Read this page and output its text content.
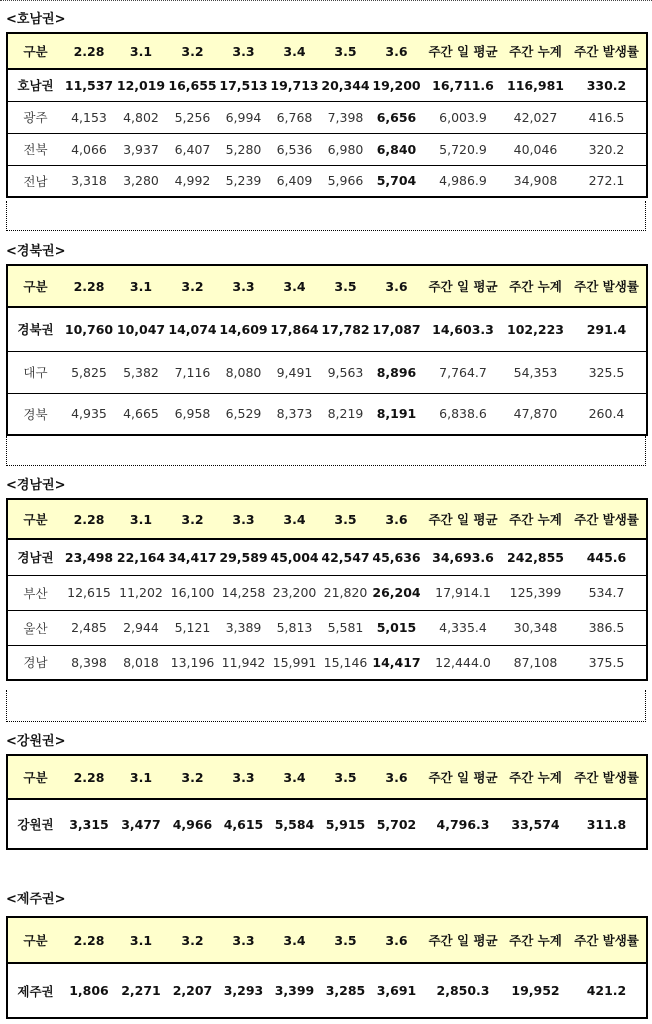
<호남권>
구분	2.28	3.1	3.2	3.3	3.4	3.5	3.6	주간 일 평균	주간 누계	주간 발생률
호남권	11,537	12,019	16,655	17,513	19,713	20,344	19,200	16,711.6	116,981	330.2
광주	4,153	4,802	5,256	6,994	6,768	7,398	6,656	6,003.9	42,027	416.5
전북	4,066	3,937	6,407	5,280	6,536	6,980	6,840	5,720.9	40,046	320.2
전남	3,318	3,280	4,992	5,239	6,409	5,966	5,704	4,986.9	34,908	272.1
<경북권>
구분	2.28	3.1	3.2	3.3	3.4	3.5	3.6	주간 일 평균	주간 누계	주간 발생률
경북권	10,760	10,047	14,074	14,609	17,864	17,782	17,087	14,603.3	102,223	291.4
대구	5,825	5,382	7,116	8,080	9,491	9,563	8,896	7,764.7	54,353	325.5
경북	4,935	4,665	6,958	6,529	8,373	8,219	8,191	6,838.6	47,870	260.4
<경남권>
구분	2.28	3.1	3.2	3.3	3.4	3.5	3.6	주간 일 평균	주간 누계	주간 발생률
경남권	23,498	22,164	34,417	29,589	45,004	42,547	45,636	34,693.6	242,855	445.6
부산	12,615	11,202	16,100	14,258	23,200	21,820	26,204	17,914.1	125,399	534.7
울산	2,485	2,944	5,121	3,389	5,813	5,581	5,015	4,335.4	30,348	386.5
경남	8,398	8,018	13,196	11,942	15,991	15,146	14,417	12,444.0	87,108	375.5
<강원권>
구분	2.28	3.1	3.2	3.3	3.4	3.5	3.6	주간 일 평균	주간 누계	주간 발생률
강원권	3,315	3,477	4,966	4,615	5,584	5,915	5,702	4,796.3	33,574	311.8
<제주권>
구분	2.28	3.1	3.2	3.3	3.4	3.5	3.6	주간 일 평균	주간 누계	주간 발생률
제주권	1,806	2,271	2,207	3,293	3,399	3,285	3,691	2,850.3	19,952	421.2
